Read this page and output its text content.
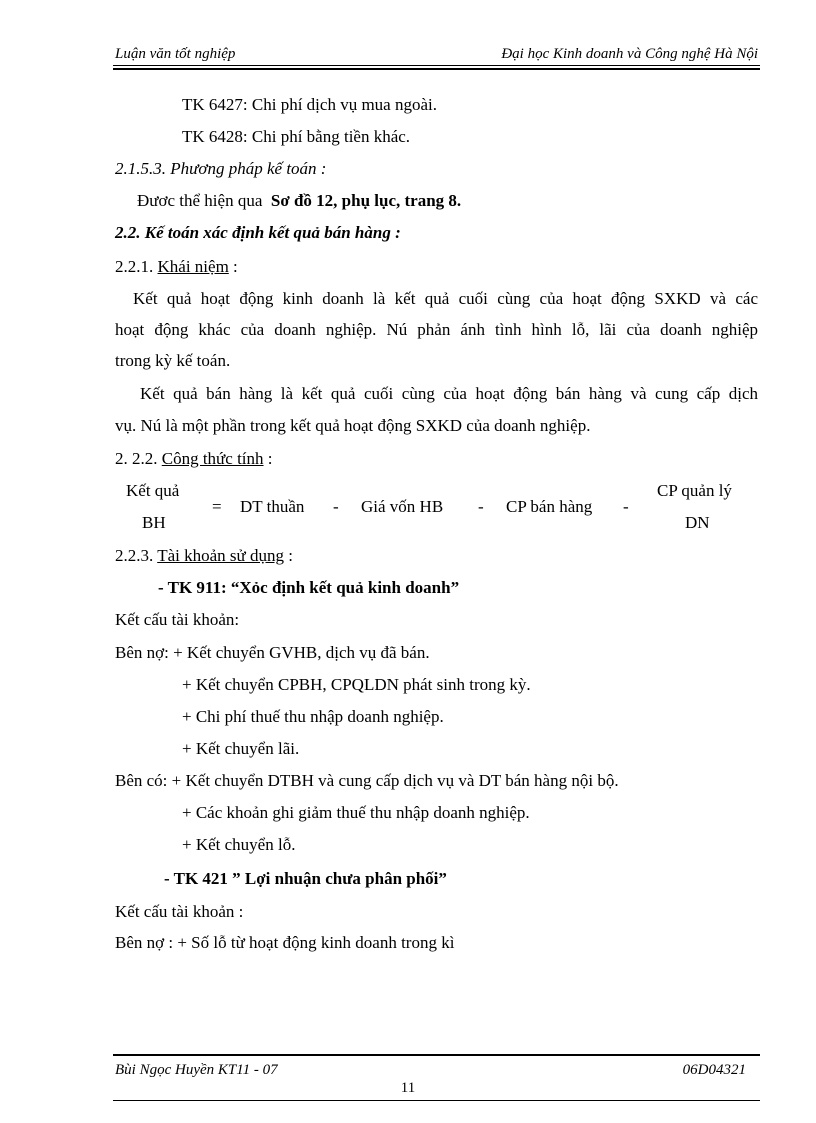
Luận văn tốt nghiệp	Đại học Kinh doanh và Công nghệ Hà Nội
TK 6427: Chi phí dịch vụ mua ngoài.
TK 6428: Chi phí bằng tiền khác.
2.1.5.3. Phương pháp kế toán :
Đươc thể hiện qua Sơ đồ 12, phụ lục, trang 8.
2.2. Kế toán xác định kết quả bán hàng :
2.2.1. Khái niệm :
Kết quả hoạt động kinh doanh là kết quả cuối cùng của hoạt động SXKD và các
hoạt động khác của doanh nghiệp. Nú phản ánh tình hình lỗ, lãi của doanh nghiệp
trong kỳ kế toán.
Kết quả bán hàng là kết quả cuối cùng của hoạt động bán hàng và cung cấp dịch
vụ. Nú là một phần trong kết quả hoạt động SXKD của doanh nghiệp.
2. 2.2. Công thức tính :
Kết quả
BH
= DT thuần - Giá vốn HB - CP bán hàng -
CP quản lý
DN
2.2.3. Tài khoản sử dụng :
- TK 911: “Xỏc định kết quả kinh doanh”
Kết cấu tài khoản:
Bên nợ: + Kết chuyển GVHB, dịch vụ đã bán.
+ Kết chuyển CPBH, CPQLDN phát sinh trong kỳ.
+ Chi phí thuế thu nhập doanh nghiệp.
+ Kết chuyển lãi.
Bên có: + Kết chuyển DTBH và cung cấp dịch vụ và DT bán hàng nội bộ.
+ Các khoản ghi giảm thuế thu nhập doanh nghiệp.
+ Kết chuyển lỗ.
- TK 421 ” Lợi nhuận chưa phân phối”
Kết cấu tài khoản :
Bên nợ : + Số lỗ từ hoạt động kinh doanh trong kì
Bùi Ngọc Huyền KT11 - 07	06D04321
11
